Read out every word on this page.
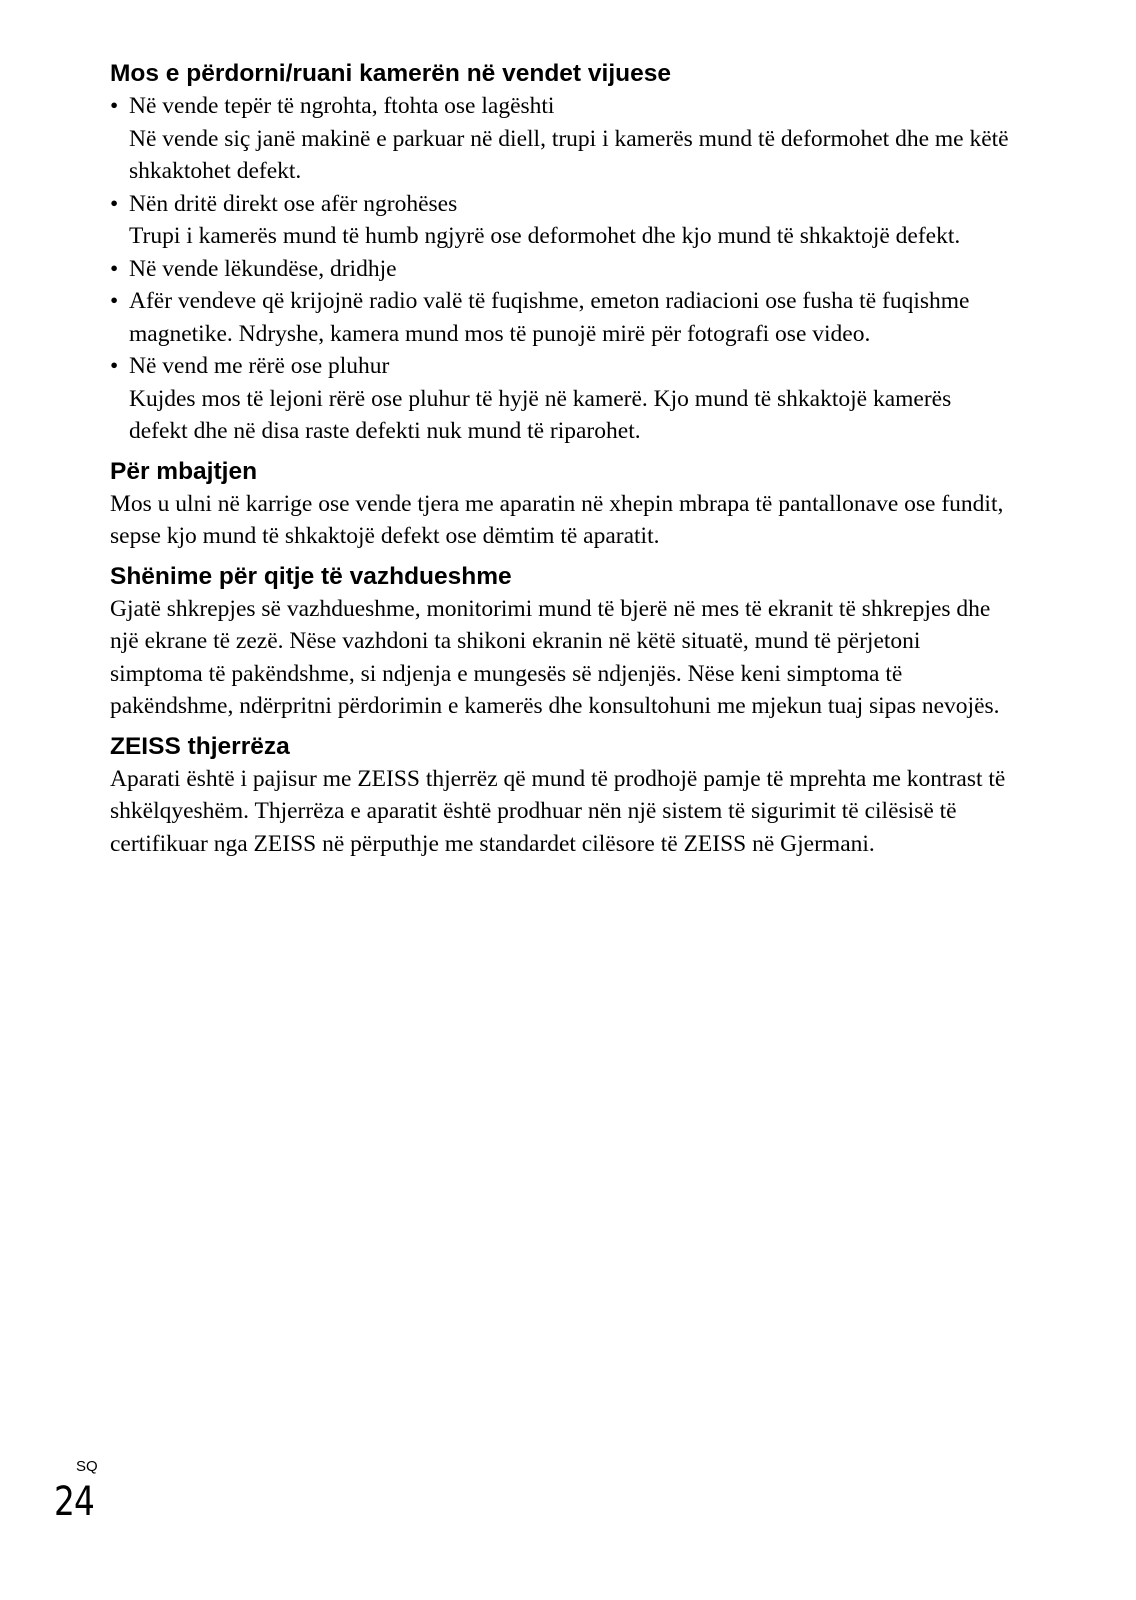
Mos e përdorni/ruani kamerën në vendet vijuese
• Në vende tepër të ngrohta, ftohta ose lagështi
Në vende siç janë makinë e parkuar në diell, trupi i kamerës mund të deformohet dhe me këtë shkaktohet defekt.
• Nën dritë direkt ose afër ngrohëses
Trupi i kamerës mund të humb ngjyrë ose deformohet dhe kjo mund të shkaktojë defekt.
• Në vende lëkundëse, dridhje
• Afër vendeve që krijojnë radio valë të fuqishme, emeton radiacioni ose fusha të fuqishme magnetike. Ndryshe, kamera mund mos të punojë mirë për fotografi ose video.
• Në vend me rërë ose pluhur
Kujdes mos të lejoni rërë ose pluhur të hyjë në kamerë. Kjo mund të shkaktojë kamerës defekt dhe në disa raste defekti nuk mund të riparohet.
Për mbajtjen

Mos u ulni në karrige ose vende tjera me aparatin në xhepin mbrapa të pantallonave ose fundit, sepse kjo mund të shkaktojë defekt ose dëmtim të aparatit.

Shënime për qitje të vazhdueshme

Gjatë shkrepjes së vazhdueshme, monitorimi mund të bjerë në mes të ekranit të shkrepjes dhe një ekrane të zezë. Nëse vazhdoni ta shikoni ekranin në këtë situatë, mund të përjetoni simptoma të pakëndshme, si ndjenja e mungesës së ndjenjës. Nëse keni simptoma të pakëndshme, ndërpritni përdorimin e kamerës dhe konsultohuni me mjekun tuaj sipas nevojës.

ZEISS thjerrëza

Aparati është i pajisur me ZEISS thjerrëz që mund të prodhojë pamje të mprehta me kontrast të shkëlqyeshëm. Thjerrëza e aparatit është prodhuar nën një sistem të sigurimit të cilësisë të certifikuar nga ZEISS në përputhje me standardet cilësore të ZEISS në Gjermani.

SQ
24
